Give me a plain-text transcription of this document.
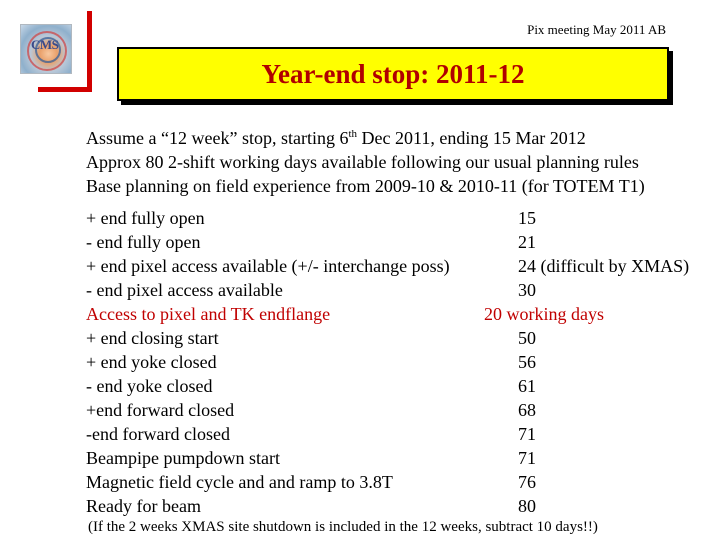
CMS
Pix meeting May 2011 AB
Year-end stop: 2011-12
Assume a “12 week” stop, starting 6th Dec 2011, ending 15 Mar 2012
Approx 80 2-shift working days available following our usual planning rules
Base planning on field experience from 2009-10 & 2010-11 (for TOTEM T1)
+ end fully open	15
- end fully open	21
+ end pixel access available (+/- interchange poss)	24 (difficult by XMAS)
- end pixel access available	30
Access to pixel and TK endflange	20 working days
+ end closing start	50
+ end yoke closed	56
- end yoke closed	61
+end forward closed	68
-end forward closed	71
Beampipe pumpdown start	71
Magnetic field cycle and and ramp to 3.8T	76
Ready for beam	80
(If the 2 weeks XMAS site shutdown is included in the 12 weeks, subtract 10 days!!)
